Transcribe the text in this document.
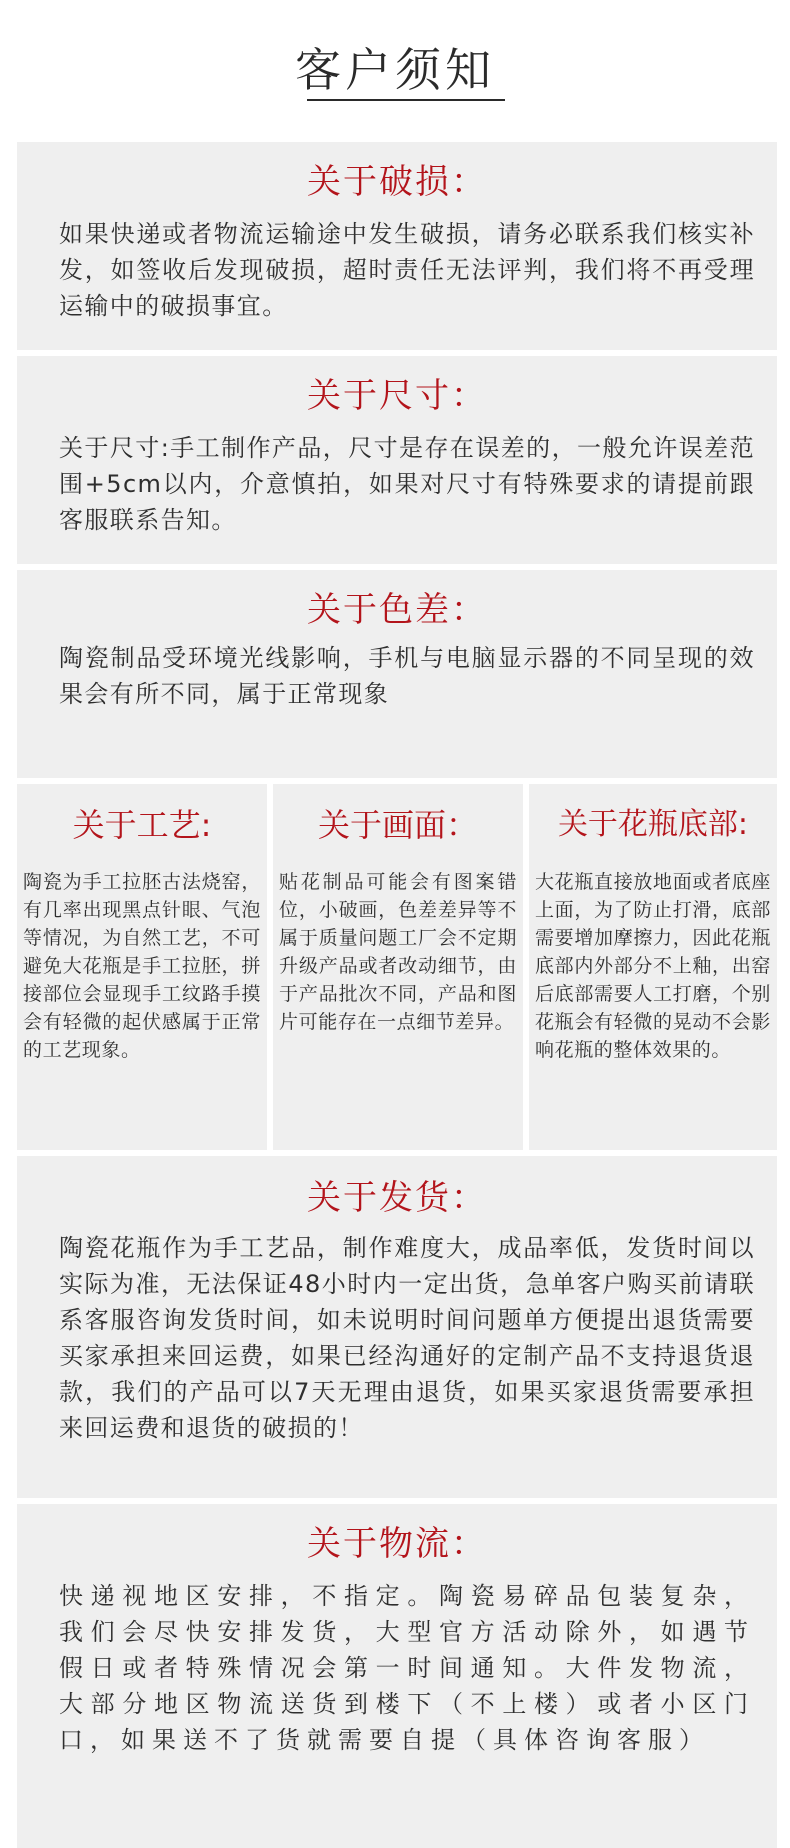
客户须知
关于破损：
如果快递或者物流运输途中发生破损，请务必联系我们核实补发，如签收后发现破损，超时责任无法评判，我们将不再受理运输中的破损事宜。
关于尺寸：
关于尺寸:手工制作产品，尺寸是存在误差的，一般允许误差范围+5cm以内，介意慎拍，如果对尺寸有特殊要求的请提前跟客服联系告知。
关于色差：
陶瓷制品受环境光线影响，手机与电脑显示器的不同呈现的效果会有所不同，属于正常现象
关于工艺:
陶瓷为手工拉胚古法烧窑，有几率出现黑点针眼、气泡等情况，为自然工艺，不可避免大花瓶是手工拉胚，拼接部位会显现手工纹路手摸会有轻微的起伏感属于正常的工艺现象。
关于画面：
贴花制品可能会有图案错位，小破画，色差差异等不属于质量问题工厂会不定期升级产品或者改动细节，由于产品批次不同，产品和图片可能存在一点细节差异。
关于花瓶底部:
大花瓶直接放地面或者底座上面，为了防止打滑，底部需要增加摩擦力，因此花瓶底部内外部分不上釉，出窑后底部需要人工打磨，个别花瓶会有轻微的晃动不会影响花瓶的整体效果的。
关于发货：
陶瓷花瓶作为手工艺品，制作难度大，成品率低，发货时间以实际为准，无法保证48小时内一定出货，急单客户购买前请联系客服咨询发货时间，如未说明时间问题单方便提出退货需要买家承担来回运费，如果已经沟通好的定制产品不支持退货退款，我们的产品可以7天无理由退货，如果买家退货需要承担来回运费和退货的破损的！
关于物流：
快递视地区安排，不指定。陶瓷易碎品包装复杂，我们会尽快安排发货，大型官方活动除外，如遇节假日或者特殊情况会第一时间通知。大件发物流，大部分地区物流送货到楼下（不上楼）或者小区门口，如果送不了货就需要自提（具体咨询客服）
